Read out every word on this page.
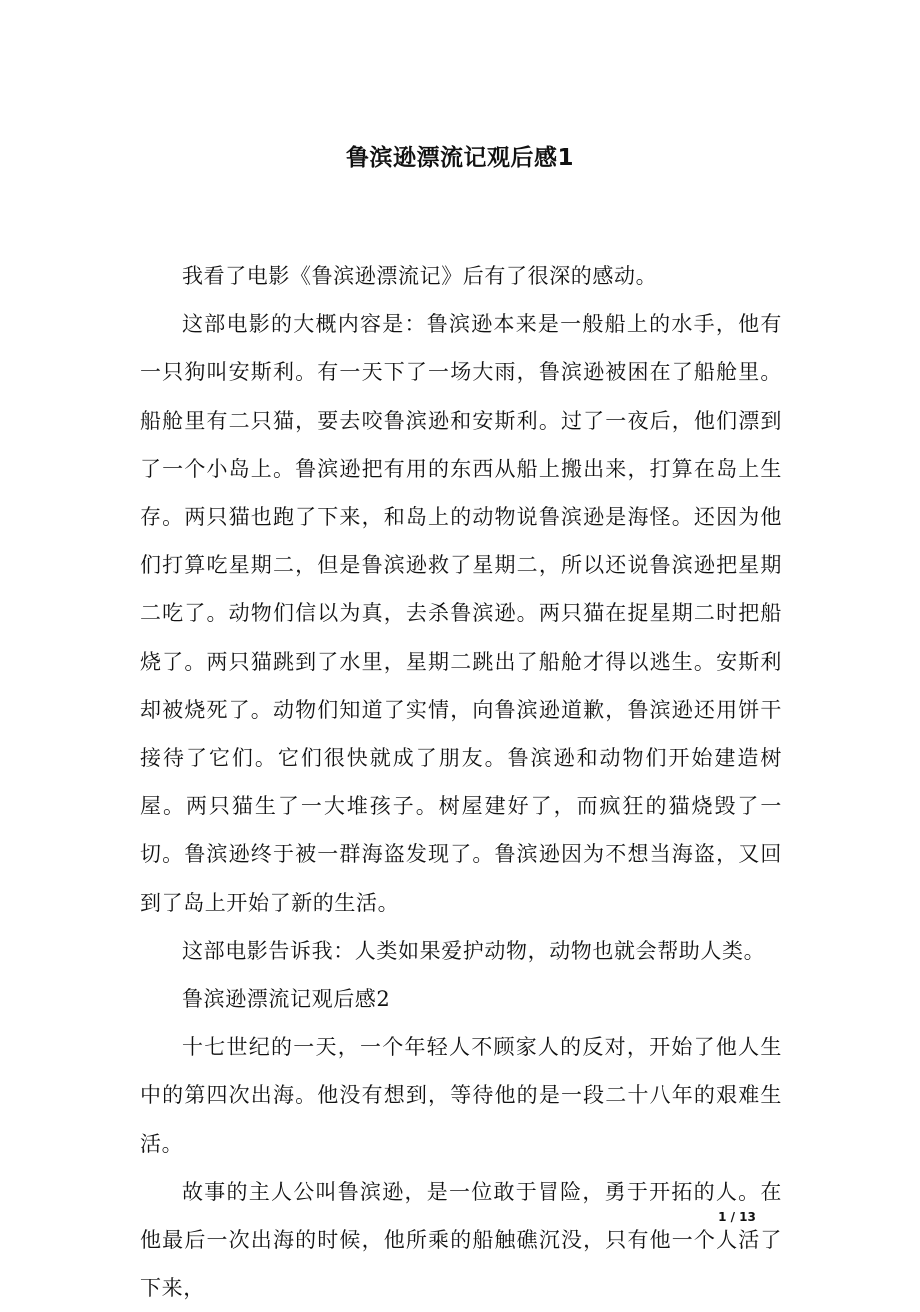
鲁滨逊漂流记观后感1

我看了电影《鲁滨逊漂流记》后有了很深的感动。

这部电影的大概内容是：鲁滨逊本来是一般船上的水手，他有一只狗叫安斯利。有一天下了一场大雨，鲁滨逊被困在了船舱里。船舱里有二只猫，要去咬鲁滨逊和安斯利。过了一夜后，他们漂到了一个小岛上。鲁滨逊把有用的东西从船上搬出来，打算在岛上生存。两只猫也跑了下来，和岛上的动物说鲁滨逊是海怪。还因为他们打算吃星期二，但是鲁滨逊救了星期二，所以还说鲁滨逊把星期二吃了。动物们信以为真，去杀鲁滨逊。两只猫在捉星期二时把船烧了。两只猫跳到了水里，星期二跳出了船舱才得以逃生。安斯利却被烧死了。动物们知道了实情，向鲁滨逊道歉，鲁滨逊还用饼干接待了它们。它们很快就成了朋友。鲁滨逊和动物们开始建造树屋。两只猫生了一大堆孩子。树屋建好了，而疯狂的猫烧毁了一切。鲁滨逊终于被一群海盗发现了。鲁滨逊因为不想当海盗，又回到了岛上开始了新的生活。

这部电影告诉我：人类如果爱护动物，动物也就会帮助人类。

鲁滨逊漂流记观后感2

十七世纪的一天，一个年轻人不顾家人的反对，开始了他人生中的第四次出海。他没有想到，等待他的是一段二十八年的艰难生活。

故事的主人公叫鲁滨逊，是一位敢于冒险，勇于开拓的人。在他最后一次出海的时候，他所乘的船触礁沉没，只有他一个人活了下来，

1 / 13
